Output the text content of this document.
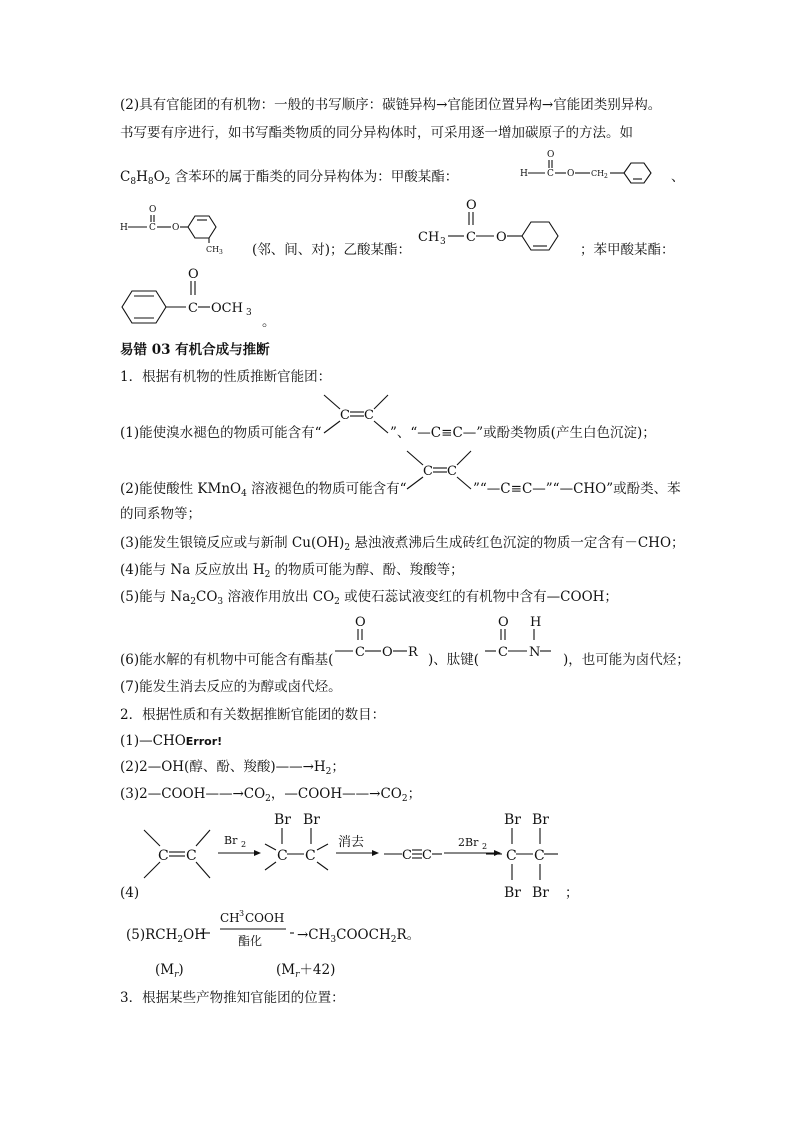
(2)具有官能团的有机物：一般的书写顺序：碳链异构→官能团位置异构→官能团类别异构。
书写要有序进行，如书写酯类物质的同分异构体时，可采用逐一增加碳原子的方法。如
$C_8H_8O_2$ 含苯环的属于酯类的同分异构体为：甲酸某酯：	、
O
H C O CH 2
O
H C O
CH 3 (邻、间、对)；乙酸某酯：
O
CH 3 C O
；苯甲酸某酯：
O
C OCH 3
。
易错 03 有机合成与推断
1．根据有机物的性质推断官能团：
C C
(1)能使溴水褪色的物质可能含有“	”、“—C≡C—”或酚类物质(产生白色沉淀)；
C C
(2)能使酸性 KMnO$_4$ 溶液褪色的物质可能含有“	”“—C≡C—”“—CHO”或酚类、苯
的同系物等；
(3)能发生银镜反应或与新制 $Cu(OH)_2$ 悬浊液煮沸后生成砖红色沉淀的物质一定含有－CHO；
(4)能与 Na 反应放出 $H_2$ 的物质可能为醇、酚、羧酸等；
(5)能与 $Na_2CO_3$ 溶液作用放出 $CO_2$ 或使石蕊试液变红的有机物中含有—COOH；
O
C O R
O H
C N
(6)能水解的有机物中可能含有酯基(	)、肽键(	)，也可能为卤代烃；
(7)能发生消去反应的为醇或卤代烃。
2．根据性质和有关数据推断官能团的数目：
(1)—CHOError!
(2)2—OH(醇、酚、羧酸)$——\to H_2$；
$(3)2—COOH——\to CO_2$，$—COOH——\to CO_2$；
C C
Br 2
Br Br
C C
消去
C C
2Br 2
Br Br
C C
Br Br
(4)	；
$(5)RCH_2OH$
CH 3 COOH
酯化	$\to CH_3COOCH_2R$。
$(M_r)$	$(M_r+42)$
3．根据某些产物推知官能团的位置：
